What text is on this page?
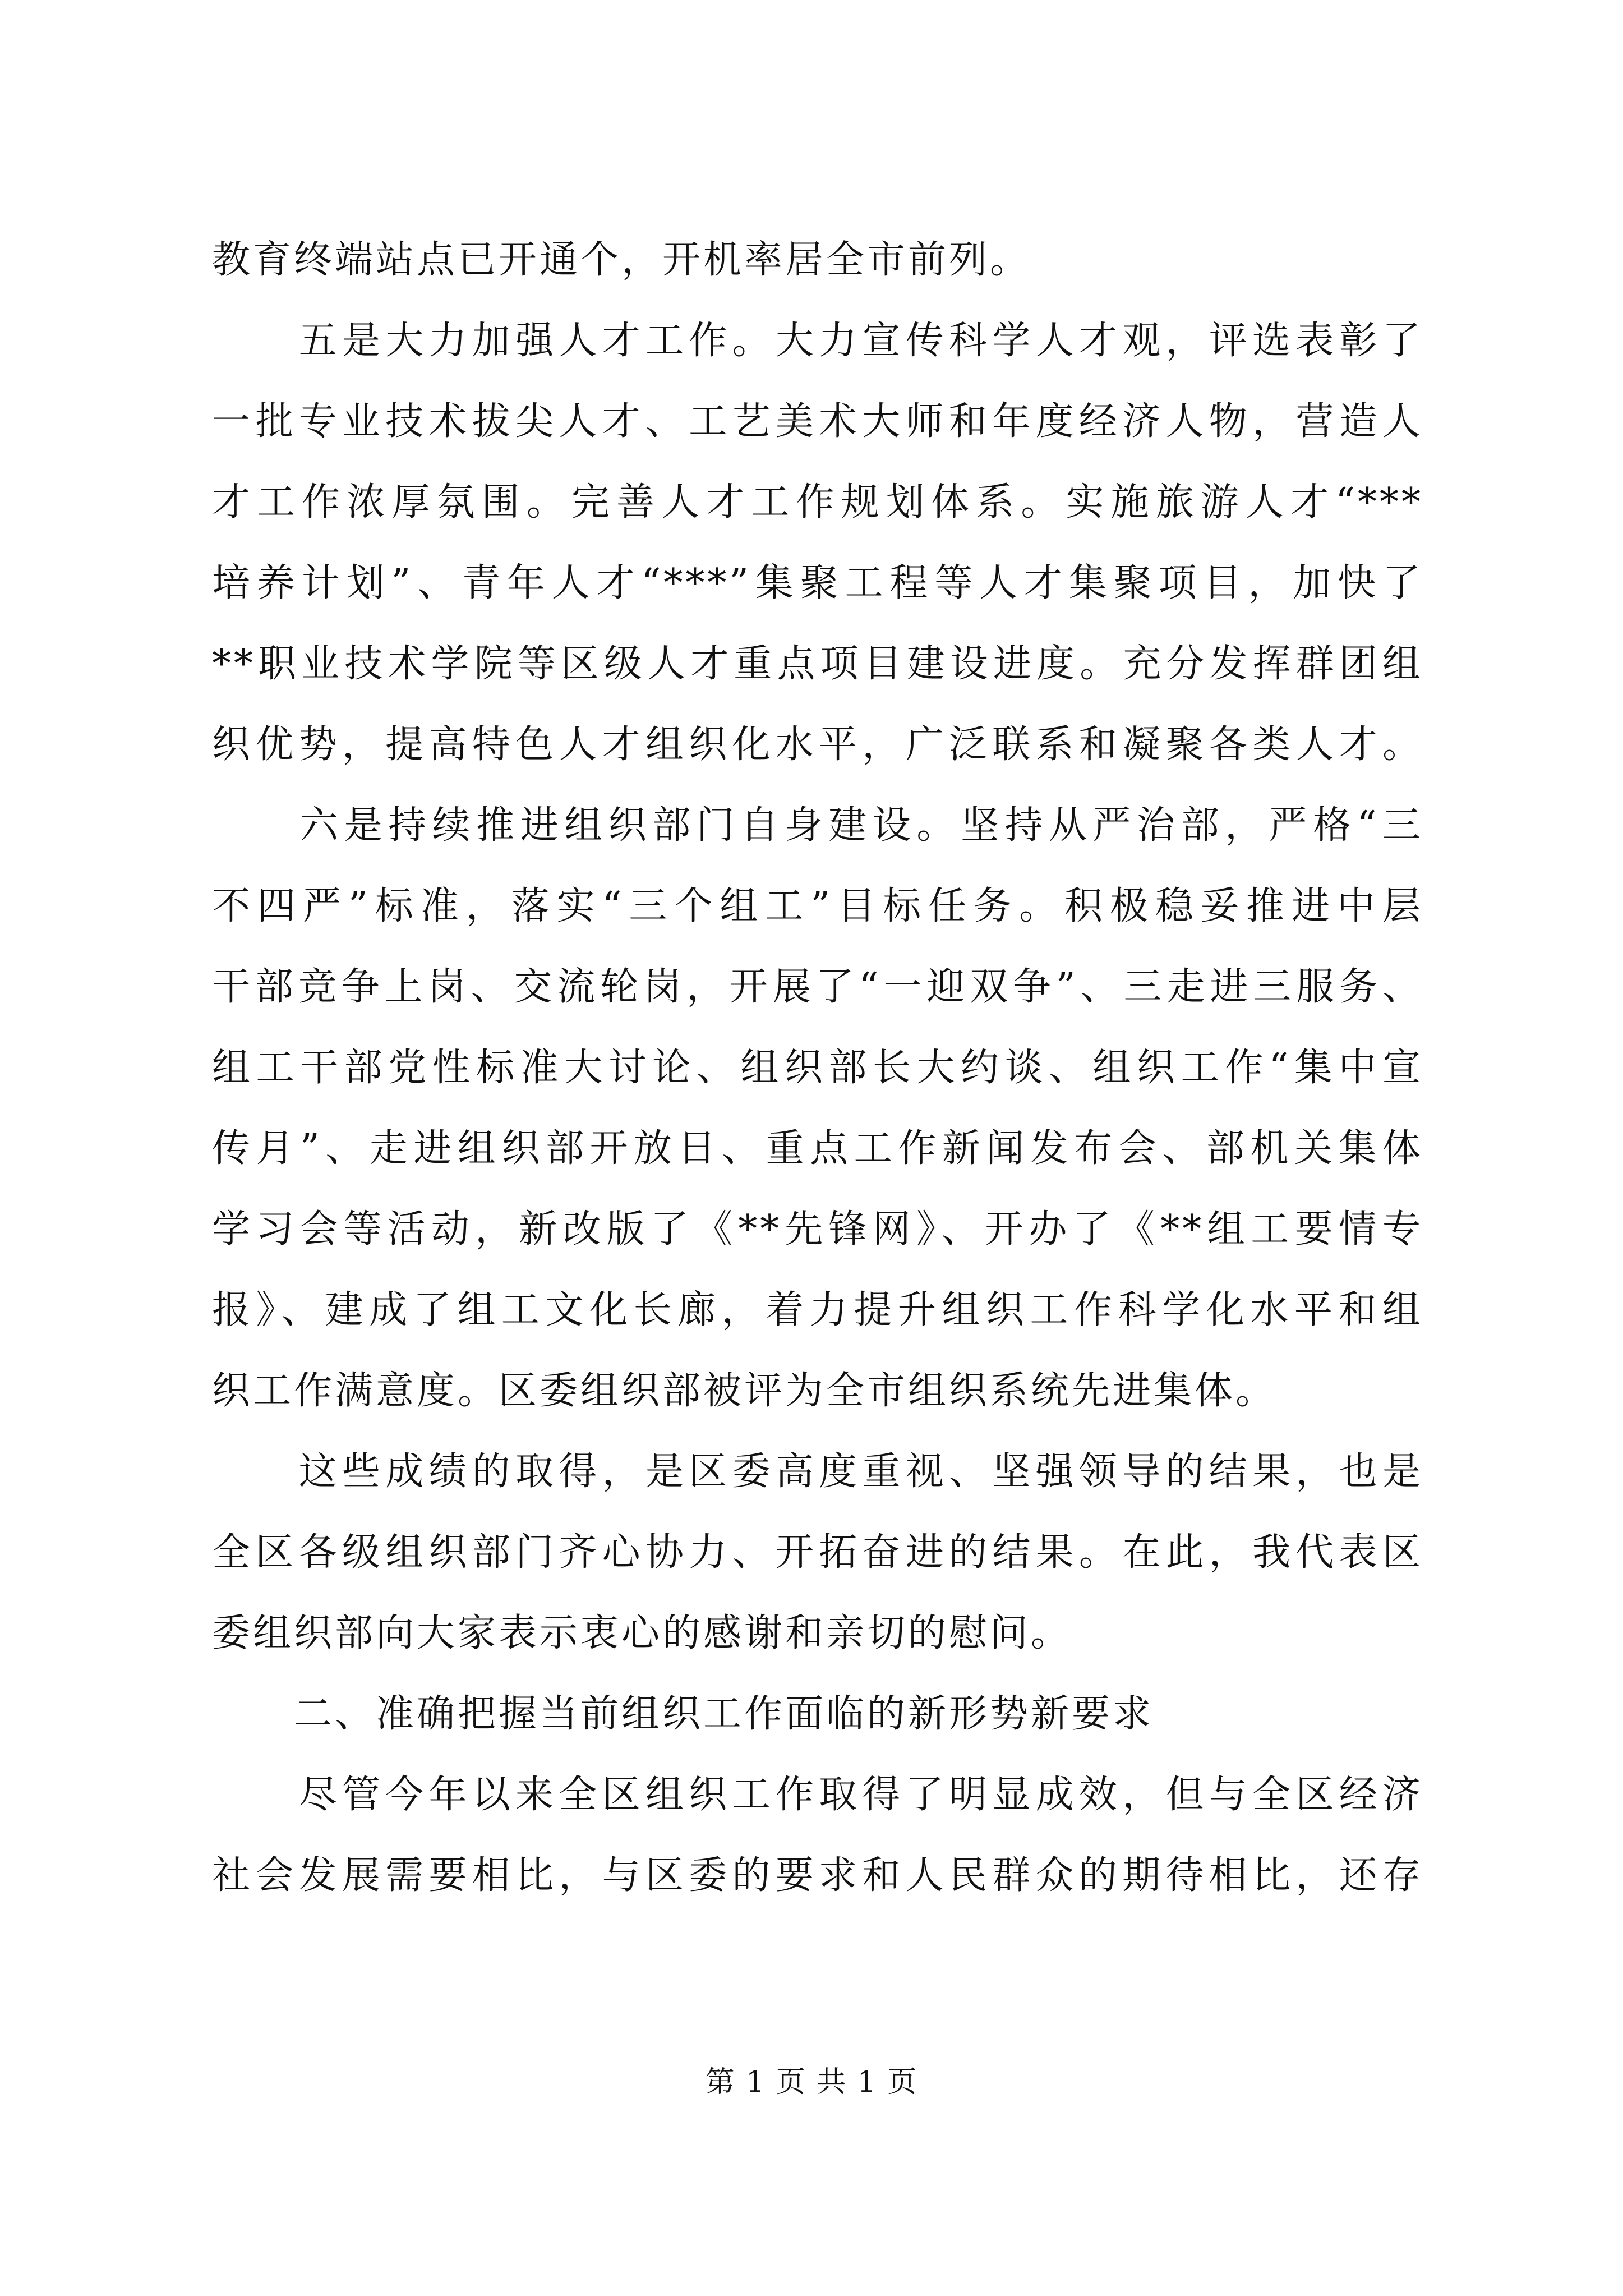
教育终端站点已开通个，开机率居全市前列。
　　五是大力加强人才工作。大力宣传科学人才观，评选表彰了
一批专业技术拔尖人才、工艺美术大师和年度经济人物，营造人
才工作浓厚氛围。完善人才工作规划体系。实施旅游人才“***
培养计划”、青年人才“***”集聚工程等人才集聚项目，加快了
**职业技术学院等区级人才重点项目建设进度。充分发挥群团组
织优势，提高特色人才组织化水平，广泛联系和凝聚各类人才。
　　六是持续推进组织部门自身建设。坚持从严治部，严格“三
不四严”标准，落实“三个组工”目标任务。积极稳妥推进中层
干部竞争上岗、交流轮岗，开展了“一迎双争”、三走进三服务、
组工干部党性标准大讨论、组织部长大约谈、组织工作“集中宣
传月”、走进组织部开放日、重点工作新闻发布会、部机关集体
学习会等活动，新改版了《**先锋网》、开办了《**组工要情专
报》、建成了组工文化长廊，着力提升组织工作科学化水平和组
织工作满意度。区委组织部被评为全市组织系统先进集体。
　　这些成绩的取得，是区委高度重视、坚强领导的结果，也是
全区各级组织部门齐心协力、开拓奋进的结果。在此，我代表区
委组织部向大家表示衷心的感谢和亲切的慰问。
　　二、准确把握当前组织工作面临的新形势新要求
　　尽管今年以来全区组织工作取得了明显成效，但与全区经济
社会发展需要相比，与区委的要求和人民群众的期待相比，还存
第 1 页 共 1 页
